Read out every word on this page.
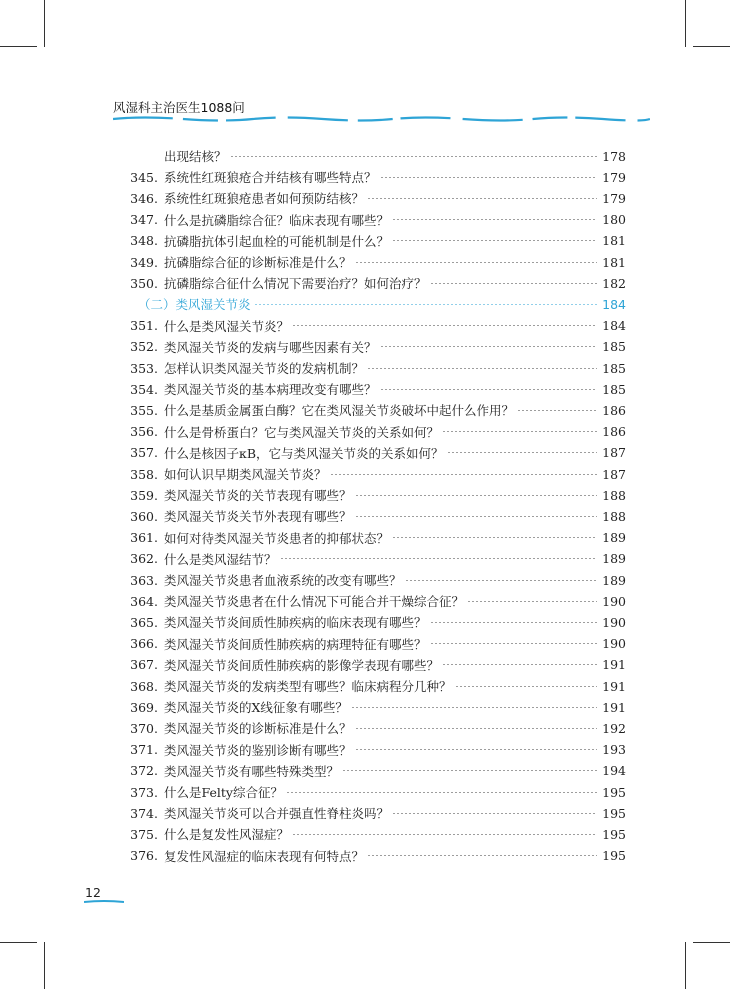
风湿科主治医生1088问
出现结核？	178
345. 系统性红斑狼疮合并结核有哪些特点？	179
346. 系统性红斑狼疮患者如何预防结核？	179
347. 什么是抗磷脂综合征？临床表现有哪些？	180
348. 抗磷脂抗体引起血栓的可能机制是什么？	181
349. 抗磷脂综合征的诊断标准是什么？	181
350. 抗磷脂综合征什么情况下需要治疗？如何治疗？	182
（二）类风湿关节炎	184
351. 什么是类风湿关节炎？	184
352. 类风湿关节炎的发病与哪些因素有关？	185
353. 怎样认识类风湿关节炎的发病机制？	185
354. 类风湿关节炎的基本病理改变有哪些？	185
355. 什么是基质金属蛋白酶？它在类风湿关节炎破坏中起什么作用？	186
356. 什么是骨桥蛋白？它与类风湿关节炎的关系如何？	186
357. 什么是核因子κB，它与类风湿关节炎的关系如何？	187
358. 如何认识早期类风湿关节炎？	187
359. 类风湿关节炎的关节表现有哪些？	188
360. 类风湿关节炎关节外表现有哪些？	188
361. 如何对待类风湿关节炎患者的抑郁状态？	189
362. 什么是类风湿结节？	189
363. 类风湿关节炎患者血液系统的改变有哪些？	189
364. 类风湿关节炎患者在什么情况下可能合并干燥综合征？	190
365. 类风湿关节炎间质性肺疾病的临床表现有哪些？	190
366. 类风湿关节炎间质性肺疾病的病理特征有哪些？	190
367. 类风湿关节炎间质性肺疾病的影像学表现有哪些？	191
368. 类风湿关节炎的发病类型有哪些？临床病程分几种？	191
369. 类风湿关节炎的X线征象有哪些？	191
370. 类风湿关节炎的诊断标准是什么？	192
371. 类风湿关节炎的鉴别诊断有哪些？	193
372. 类风湿关节炎有哪些特殊类型？	194
373. 什么是Felty综合征？	195
374. 类风湿关节炎可以合并强直性脊柱炎吗？	195
375. 什么是复发性风湿症？	195
376. 复发性风湿症的临床表现有何特点？	195
12
